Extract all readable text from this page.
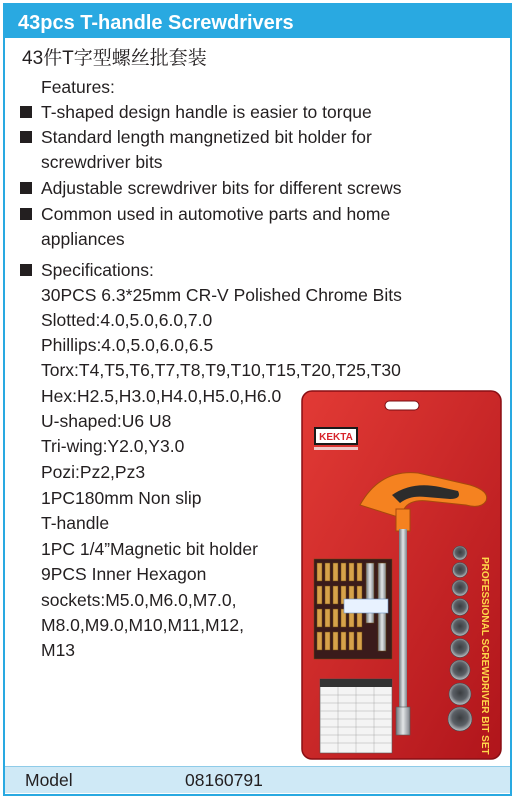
43pcs T-handle Screwdrivers
43件T字型螺丝批套装
Features:
T-shaped design handle is easier to torque
Standard length mangnetized bit holder for
screwdriver bits
Adjustable screwdriver bits for different screws
Common used in automotive parts and home
appliances
Specifications:
30PCS 6.3*25mm CR-V Polished Chrome Bits
Slotted:4.0,5.0,6.0,7.0
Phillips:4.0,5.0,6.0,6.5
Torx:T4,T5,T6,T7,T8,T9,T10,T15,T20,T25,T30
Hex:H2.5,H3.0,H4.0,H5.0,H6.0
U-shaped:U6 U8
Tri-wing:Y2.0,Y3.0
Pozi:Pz2,Pz3
1PC180mm Non slip
T-handle
1PC 1/4”Magnetic bit holder
9PCS Inner Hexagon
sockets:M5.0,M6.0,M7.0,
M8.0,M9.0,M10,M11,M12,
M13
KEKTA
PROFESSIONAL SCREWDRIVER BIT SET
Model	08160791
